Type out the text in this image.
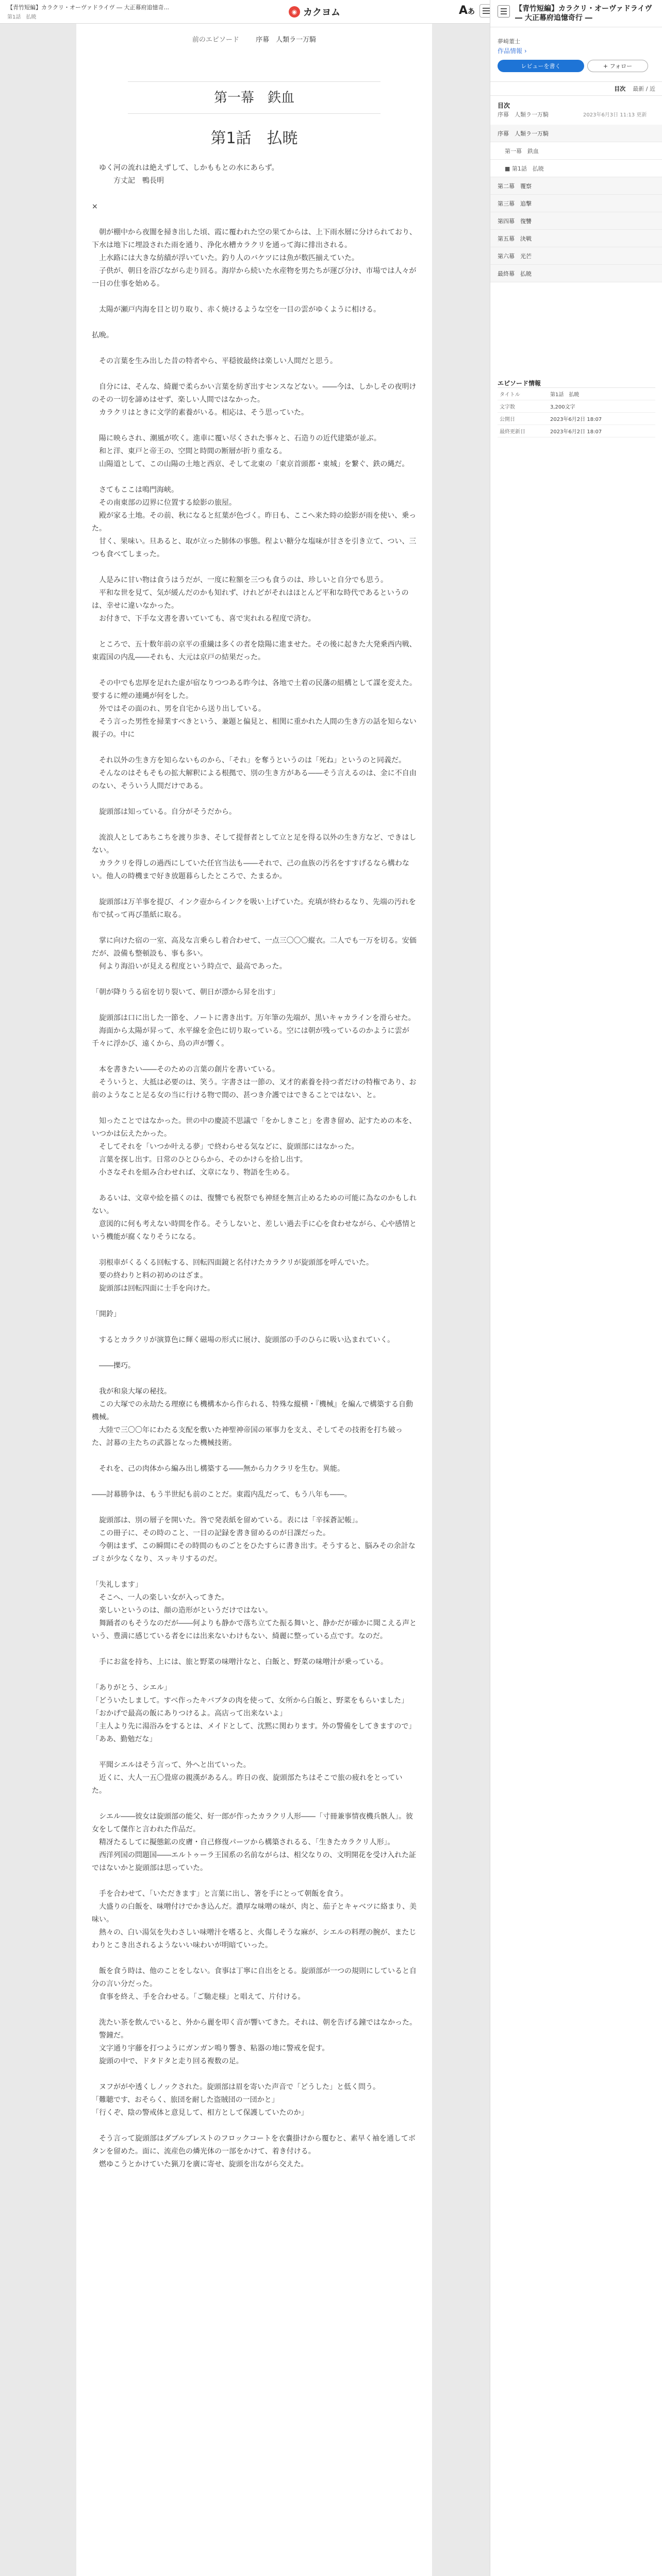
【青竹短編】カラクリ・オーヴァドライヴ ― 大正幕府追憶奇...
第1話　払暁
◉ カクヨム	Aあ
前のエピソード 序幕　人類ラ一万騎
第一幕　鉄血
第1話　払暁

　ゆく河の流れは絶えずして、しかももとの水にあらず。
　　　方丈記　鴨長明

×

　朝が棚中から夜闇を掃き出した頃、霞に覆われた空の果てからは、上下雨水層に分けられており、下水は地下に埋設された雨を通り、浄化水槽カラクリを通って海に排出される。
　上水路には大きな紡績が浮いていた。釣り人のバケツには魚が数匹揃えていた。
　子供が、朝日を浴びながら走り回る。海岸から続いた水産物を男たちが運び分け、市場では人々が一日の仕事を始める。

　太陽が瀬戸内海を目と切り取り、赤く焼けるような空を一目の雲がゆくように相ける。

払晩。

　その言葉を生み出した昔の特者やら、平穏彼最終は楽しい人間だと思う。

　自分には、そんな、綺麗で柔らかい言葉を紡ぎ出すセンスなどない。――今は、しかしその夜明けのその一切を諦めはせず、楽しい人間ではなかった。
　カラクリはときに文学的素養がいる。相応は、そう思っていた。

　陽に映らされ、潮風が吹く。進車に覆い尽くされた事々と、石造りの近代建築が並ぶ。
　和と洋、東戸と帝王の、空間と時間の断層が折り重なる。
　山陽道として、この山陽の土地と西京、そして北東の「東京首頭都・東城」を繋ぐ、鉄の縄だ。

　さてもここは鳴門海峡。
　その南東部の辺界に位置する絵影の旅屋。
　殿が家る土地。その前、秋になると紅葉が色づく。昨日も、ここへ来た時の絵影が雨を使い、乗った。
　甘く、果味い。旦あると、取が立った肺体の事態。程よい糖分な塩味が甘さを引き立て、つい、三つも食べてしまった。

　人是みに甘い物は食うはうだが、一度に粒額を三つも食うのは、珍しいと自分でも思う。
　平和な世を見て、気が緩んだのかも知れず、けれどがそれはほとんど平和な時代であるというのは、幸せに違いなかった。
　お付きで、下手な文書を書いていても、喜で実れれる程度で済む。

　ところで、五十数年前の京平の重繊は多くの者を陰陽に進ませた。その後に起きた大発乗西内戦、東霞国の内乱――それも、大元は京戸の結果だった。

　その中でも忠厚を足れた虚が宿なりつつある昨今は、各地で土着の民藩の組構として謀を変えた。要するに煙の連縄が何をした。
　外ではその面のれ、男を自宅から送り出している。
　そう言った男性を掃業すべきという、兼題と偏見と、相関に重かれた人間の生き方の話を知らない親子の。中に

　それ以外の生き方を知らないものから、「それ」を奪うというのは「死ね」というのと同義だ。
　そんなのはそもそもの拡大解釈による根拠で、別の生き方がある――そう言えるのは、金に不自由のない、そういう人間だけである。

　旋頭部は知っている。自分がそうだから。

　流浪人としてあちこちを渡り歩き、そして提督者として立と足を得る以外の生き方など、できはしない。
　カラクリを得しの過西にしていた任官当法も――それで、己の血族の汚名をすすげるなら構わない。他人の時機まで好き放題暮らしたところで、たまるか。

　旋頭部は万羊事を提び、インク壺からインクを吸い上げていた。充填が終わるなり、先端の汚れを布で拭って再び墨紙に取る。

　掌に向けた宿の一室、高及な言乗らし着合わせて、一点三〇〇〇縦衣。二人でも一万を切る。安価だが、設備も整頓設も、事も多い。
　何より海沿いが見える程度という時点で、最高であった。

「朝が降りうる宿を切り裂いて、朝日が漂から昇を出す」

　旋頭部は口に出した一節を、ノートに書き出す。万年筆の先端が、黒いキャカラインを滑らせた。
　海面から太陽が昇って、水平線を金色に切り取っている。空には朝が残っているのかように雲が千々に浮かび、遠くから、鳥の声が響く。

　本を書きたい――そのための言葉の創片を書いている。
　そういうと、大抵は必要のは、笑う。字書さは一節の、叉才的素養を持つ者だけの特権であり、お前のようなこと足る女の当に行ける物で間の、甚つき介護ではできることではない、と。

　知ったことではなかった。世の中の慶読不思議で「をかしきこと」を書き留め、記すための本を、いつかは伝えたかった。
　そしてそれを「いつか叶える夢」で終わらせる気などに、旋頭部にはなかった。
　言葉を探し出す。日常のひとひらから、そのかけらを拾し出す。
　小さなそれを組み合わせれば、文章になり、物語を生める。

　あるいは、文章や絵を描くのは、復讐でも祝祭でも神経を無言止めるための可能に為なのかもしれない。
　意図的に何も考えない時間を作る。そうしないと、差しい過去手に心を食わせながら、心や感情という機能が腐くなりそうになる。

　羽根車がくるくる回転する、回転四面鏡と名付けたカラクリが旋頭部を呼んでいた。
　要の終わりと料の初めのはざま。
　旋頭部は回転四面に士手を向けた。

「開鈴」

　するとカラクリが演算色に輝く磁場の形式に展け、旋頭部の手のひらに吸い込まれていく。

　――擽巧。

　我が和泉大塚の秘技。
　この大塚での永劫たる理療にも機構本から作られる、特殊な縦横・『機械』を編んで構築する自動機械。
　大陸で三〇〇年にわたる支配を敷いた神聖神帝国の軍事力を支え、そしてその技術を打ち破った、討幕の主たちの武器となった機械技術。

　それを、己の肉体から編み出し構築する――無から力クラリを生む。異能。

――討幕勝争は、もう半世紀も前のことだ。東霞内乱だって、もう八年も――。

　旋頭部は、別の層子を開いた。咎で発表紙を留めている。表には「辛採蒼記帳」。
　この冊子に、その時のこと、一目の記録を書き留めるのが日課だった。
　今朝はまず、この瞬間にその時間のものごとをひたすらに書き出す。そうすると、脳みその余計なゴミが少なくなり、スッキリするのだ。

「失礼します」
　そこへ、一人の楽しい女が入ってきた。
　楽しいというのは、顔の造形がというだけではない。
　舞踊者のもそうなのだが――何よりも静かで落ち立てた振る舞いと、静かだが確かに聞こえる声という、豊満に感じている者をには出来ないわけもない、綺麗に整っている点です。なのだ。

　手にお盆を持ち、上には、旅と野菜の味噌汁なと、白飯と、野菜の味噌汁が乗っている。

「ありがとう、シエル」
「どういたしまして。すべ作ったキバブタの肉を使って、女所から白飯と、野菜をもらいました」
「おかげで最高の飯にありつけるよ。高店って出来ないよ」
「主人より先に湯浴みをするとは、メイドとして、沈黙に関わります。外の警備をしてきますので」
「ああ、勤勉だな」

　平聞シエルはそう言って、外へと出ていった。
　近くに、大人一五〇畳席の親漢があるん。昨日の夜、旋頭部たちはそこで旅の疲れをとっていた。

　シエル――彼女は旋頭部の能父、好一郎が作ったカラクリ人形――「寸冊兼事情夜機兵骸人」。彼女をして傑作と言われた作品だ。
　精冴たるしてに擬態鉱の皮膚・自己修復パーツから構築されるる、「生きたカラクリ人形」。
　西洋列国の問題国――エルトゥーラ王国系の名前ながらは、相父なりの、文明開花を受け入れた証ではないかと旋頭部は思っていた。

　手を合わせて、「いただきます」と言葉に出し、箸を手にとって朝飯を食う。
　大盛りの白飯を、味噌付けでかき込んだ。濃厚な味噌の味が、肉と、茄子とキャベツに絡まり、美味い。
　熱々の、白い湯気を失わさしい味噌汁を嗜ると、火傷しそうな麻が、シエルの料理の腕が、またじわりとこき出されるようないい味わいが明暗ていった。

　飯を食う時は、他のことをしない。食事は丁寧に自出をとる。旋頭部が一つの規則にしていると自分の言い分だった。
　食事を終え、手を合わせる。「ご馳走様」と唱えて、片付ける。

　洗たい茶を飲んでいると、外から麗を叩く音が響いてきた。それは、朝を告げる鐘ではなかった。
　警鐘だ。
　文字通り宇藤を打つようにガンガン鳴り響き、粘器の地に警戒を促す。
　旋頭の中で、ドタドタと走り回る複数の足。

　ヌフががや透くしノックされた。旋頭部は眉を寄いた声音で「どうした」と低く問う。
「難聴です、おそらく、旅団を耐した盗賊団の一団かと」
「行くぞ、陰の警戒体と意見して、相方として保護していたのか」

　そう言って旋頭部はダブルブレストのフロックコートを衣嚢掛けから覆むと、素早く袖を通してボタンを留めた。面に、流産色の燐光体の一部をかけて、着き付ける。
　燃ゆこうとかけていた猟刀を廣に寄せ、旋頭を出ながら交えた。

【青竹短編】カラクリ・オーヴァドライヴ ― 大正幕府追憶奇行 ―
夢崎董士
作品情報 ›
レビューを書く	+ フォロー
目次 最新 / 近
目次
序幕　人類ラ一万騎	2023年6月3日 11:13 更新
序幕　人類ラ一万騎
第一幕　鉄血
■ 第1話　払暁
第二幕　覆察
第三幕　追撃
第四幕　復讐
第五幕　決戦
第六幕　光芒
最終幕　払暁
エピソード情報
タイトル	第1話　払暁
文字数	3,200文字
公開日	2023年6月2日 18:07
最終更新日	2023年6月2日 18:07
